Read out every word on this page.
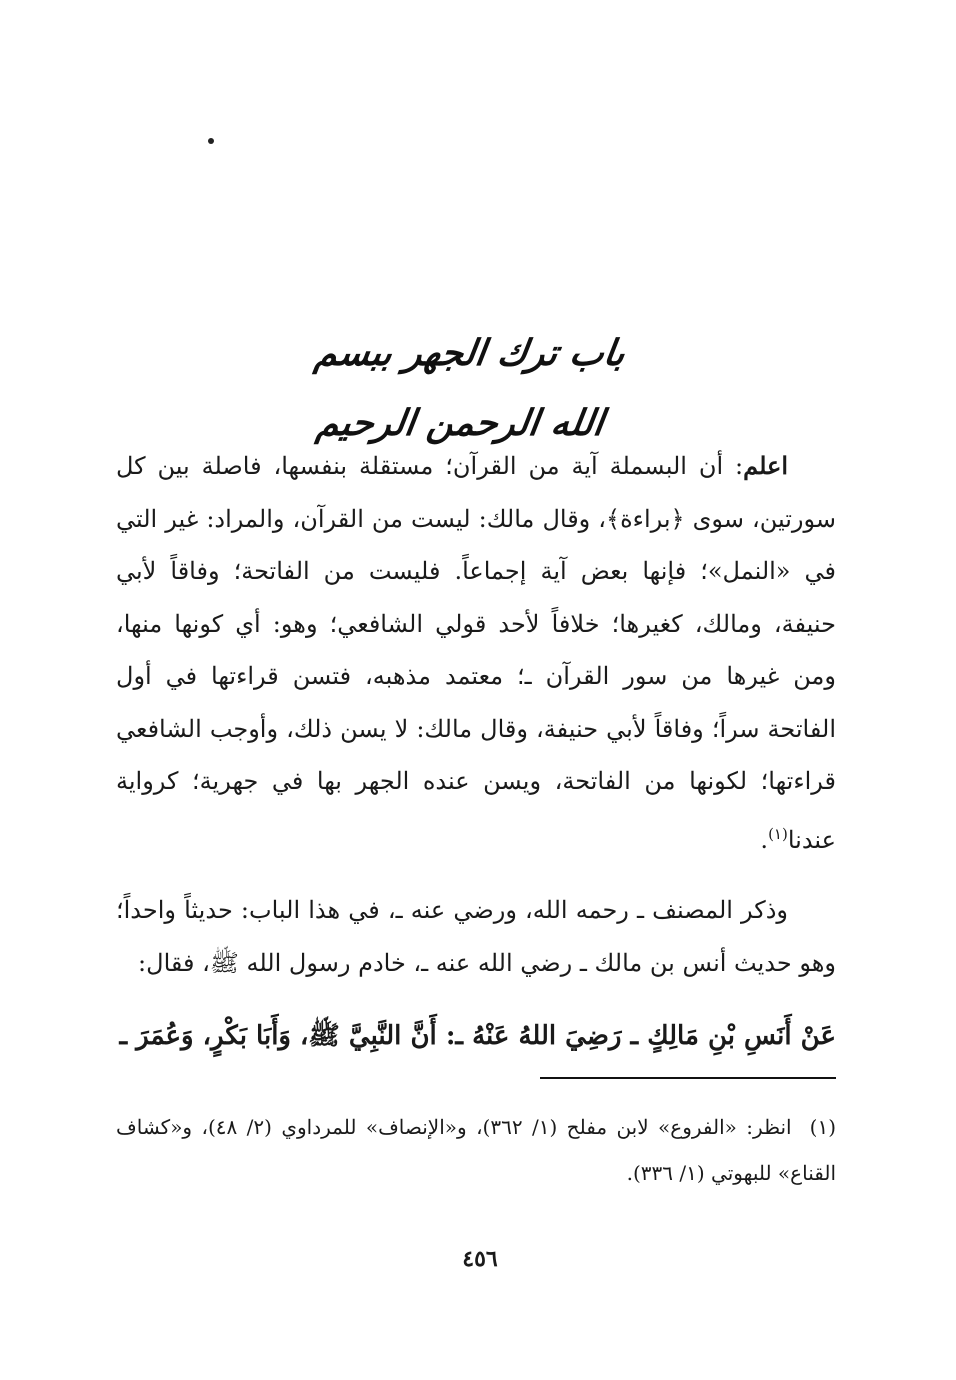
باب ترك الجهر ببسم الله الرحمن الرحيم

اعلم: أن البسملة آية من القرآن؛ مستقلة بنفسها، فاصلة بين كل سورتين، سوى ﴿براءة﴾، وقال مالك: ليست من القرآن، والمراد: غير التي في «النمل»؛ فإنها بعض آية إجماعاً. فليست من الفاتحة؛ وفاقاً لأبي حنيفة، ومالك، كغيرها؛ خلافاً لأحد قولي الشافعي؛ وهو: أي كونها منها، ومن غيرها من سور القرآن ـ؛ معتمد مذهبه، فتسن قراءتها في أول الفاتحة سراً؛ وفاقاً لأبي حنيفة، وقال مالك: لا يسن ذلك، وأوجب الشافعي قراءتها؛ لكونها من الفاتحة، ويسن عنده الجهر بها في جهرية؛ كرواية عندنا$^{(١)}$.

وذكر المصنف ـ رحمه الله، ورضي عنه ـ، في هذا الباب: حديثاً واحداً؛ وهو حديث أنس بن مالك ـ رضي الله عنه ـ، خادم رسول الله ﷺ، فقال:

عَنْ أَنَسِ بْنِ مَالِكٍ ـ رَضِيَ اللهُ عَنْهُ ـ: أَنَّ النَّبِيَّ ﷺ، وَأَبَا بَكْرٍ، وَعُمَرَ ـ
(١)انظر: «الفروع» لابن مفلح (١/ ٣٦٢)، و«الإنصاف» للمرداوي (٢/ ٤٨)، و«كشاف القناع» للبهوتي (١/ ٣٣٦).
٤٥٦
